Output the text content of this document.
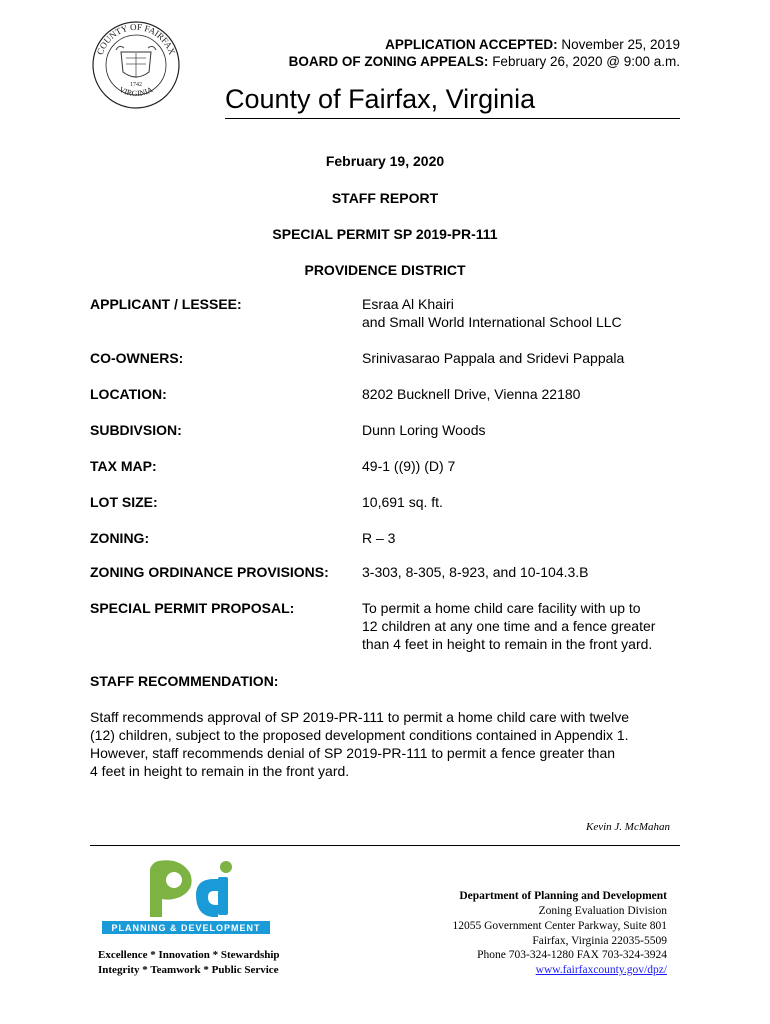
COUNTY OF FAIRFAX
VIRGINIA
1742
APPLICATION ACCEPTED: November 25, 2019
BOARD OF ZONING APPEALS: February 26, 2020 @ 9:00 a.m.
County of Fairfax, Virginia
February 19, 2020
STAFF REPORT
SPECIAL PERMIT SP 2019-PR-111
PROVIDENCE DISTRICT
APPLICANT / LESSEE:	Esraa Al Khairi
and Small World International School LLC
CO-OWNERS:	Srinivasarao Pappala and Sridevi Pappala
LOCATION:	8202 Bucknell Drive, Vienna 22180
SUBDIVSION:	Dunn Loring Woods
TAX MAP:	49-1 ((9)) (D) 7
LOT SIZE:	10,691 sq. ft.
ZONING:	R – 3
ZONING ORDINANCE PROVISIONS: 3-303, 8-305, 8-923, and 10-104.3.B
SPECIAL PERMIT PROPOSAL:	To permit a home child care facility with up to
12 children at any one time and a fence greater
than 4 feet in height to remain in the front yard.
STAFF RECOMMENDATION:
Staff recommends approval of SP 2019-PR-111 to permit a home child care with twelve
(12) children, subject to the proposed development conditions contained in Appendix 1.
However, staff recommends denial of SP 2019-PR-111 to permit a fence greater than
4 feet in height to remain in the front yard.
Kevin J. McMahan
PLANNING & DEVELOPMENT
Excellence * Innovation * Stewardship
Integrity * Teamwork * Public Service
Department of Planning and Development
Zoning Evaluation Division
12055 Government Center Parkway, Suite 801
Fairfax, Virginia 22035-5509
Phone 703-324-1280 FAX 703-324-3924
www.fairfaxcounty.gov/dpz/
